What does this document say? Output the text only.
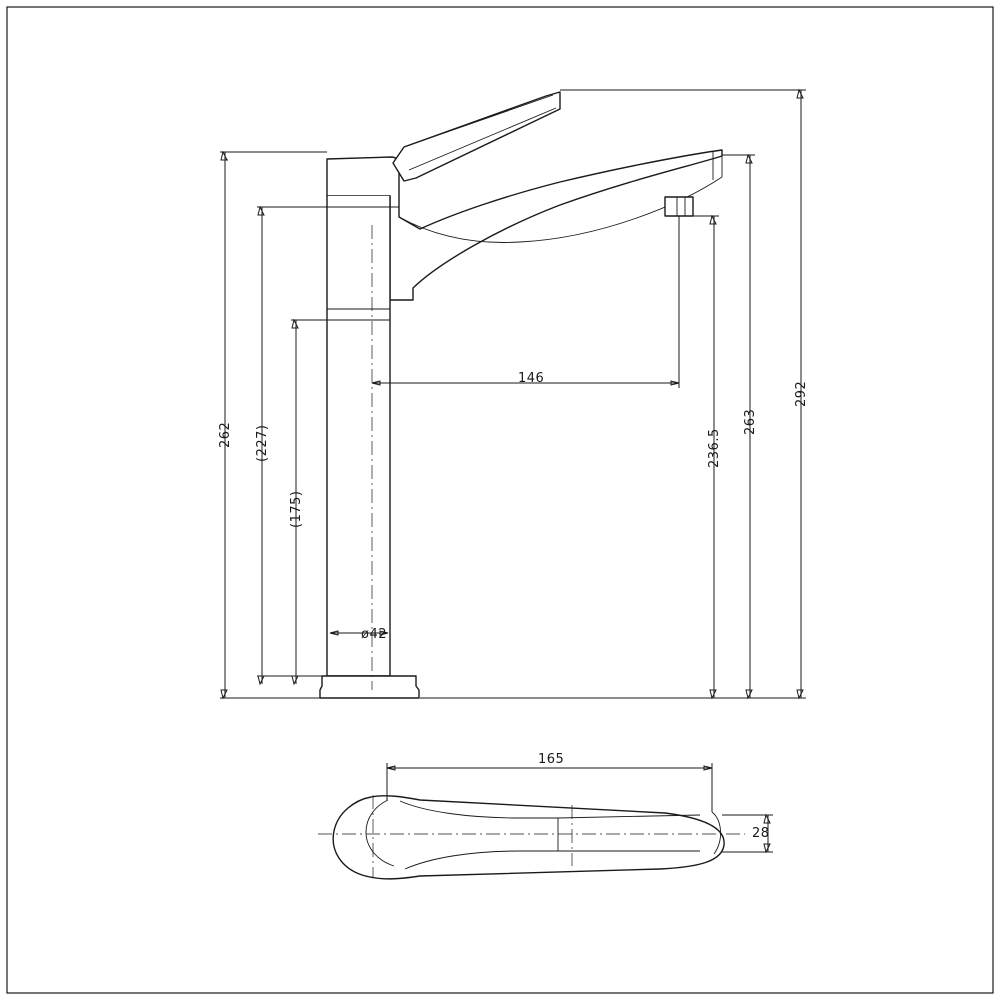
262 (227)
(175)
146
292
263
236.5
ø42
165
28
